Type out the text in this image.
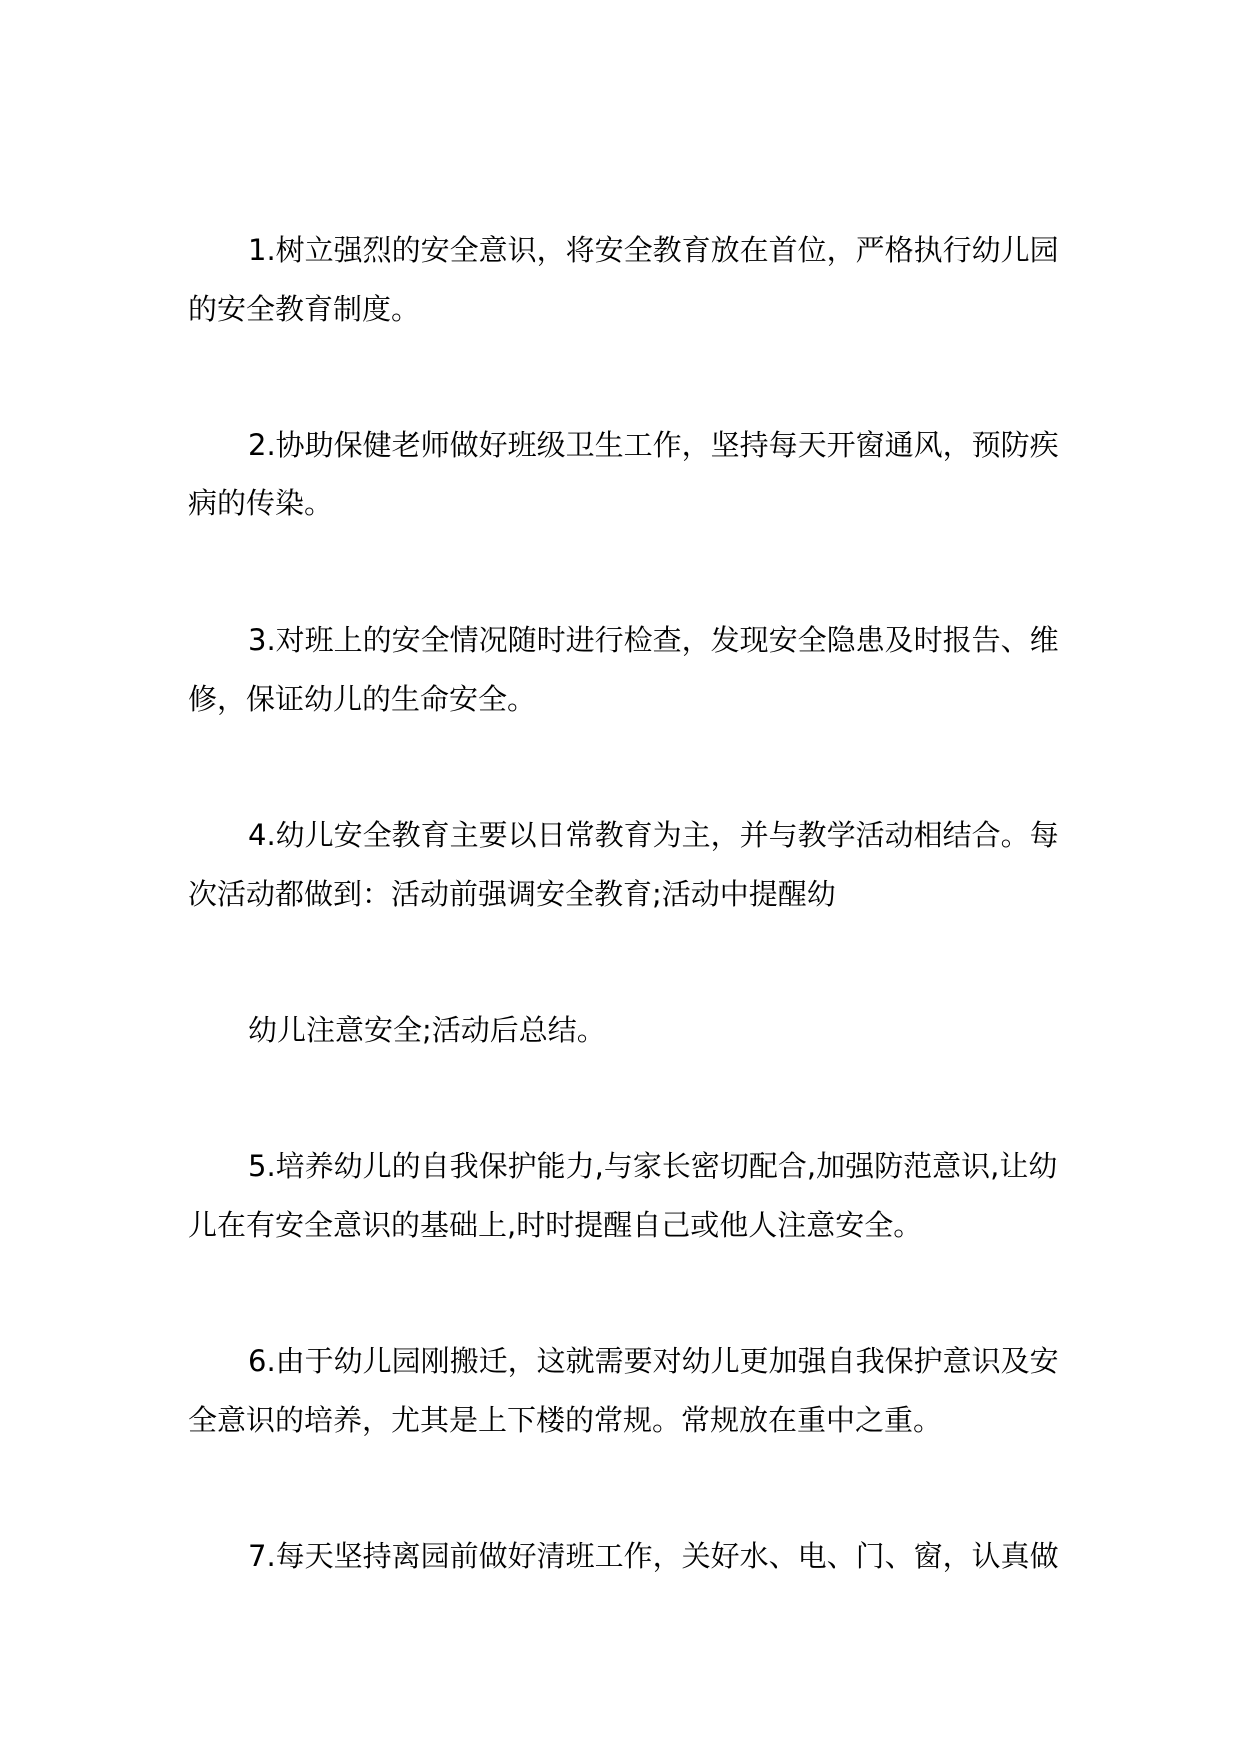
1.树立强烈的安全意识，将安全教育放在首位，严格执行幼儿园
的安全教育制度。
2.协助保健老师做好班级卫生工作，坚持每天开窗通风，预防疾
病的传染。
3.对班上的安全情况随时进行检查，发现安全隐患及时报告、维
修，保证幼儿的生命安全。
4.幼儿安全教育主要以日常教育为主，并与教学活动相结合。每
次活动都做到：活动前强调安全教育;活动中提醒幼
幼儿注意安全;活动后总结。
5.培养幼儿的自我保护能力,与家长密切配合,加强防范意识,让幼
儿在有安全意识的基础上,时时提醒自己或他人注意安全。
6.由于幼儿园刚搬迁，这就需要对幼儿更加强自我保护意识及安
全意识的培养，尤其是上下楼的常规。常规放在重中之重。
7.每天坚持离园前做好清班工作，关好水、电、门、窗，认真做
